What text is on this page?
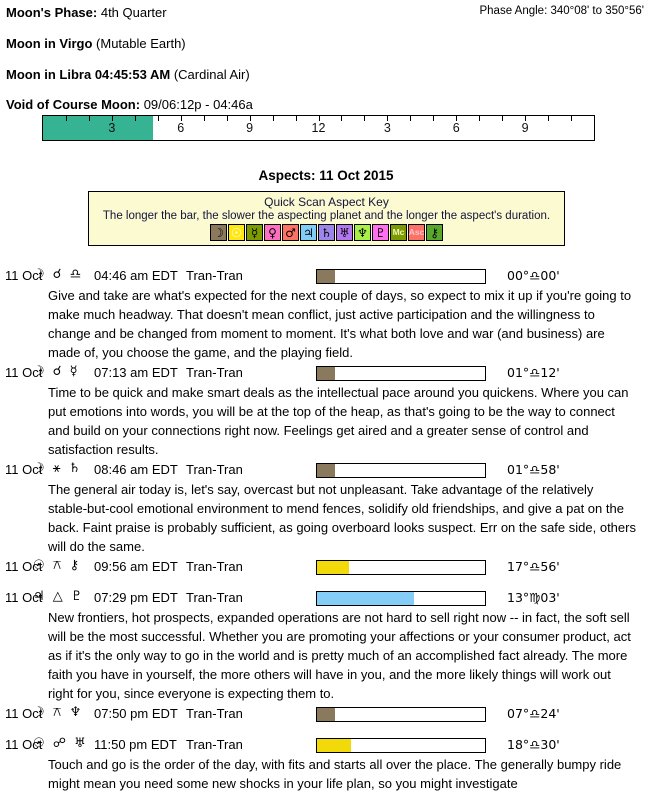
Moon's Phase: 4th Quarter	Phase Angle: 340°08' to 350°56'
Moon in Virgo (Mutable Earth)
Moon in Libra 04:45:53 AM (Cardinal Air)
Void of Course Moon: 09/06:12p - 04:46a
3	6	9	12	3	6	9
Aspects: 11 Oct 2015
Quick Scan Aspect Key
The longer the bar, the slower the aspecting planet and the longer the aspect's duration.
☽ ☉ ☿ ♀ ♂ ♃ ♄ ♅ ♆ ♇ Mc Asc ⚷
11 Oct
☽ ☌ ♎ 04:46 am EDT Tran-Tran	00°♎00'

Give and take are what's expected for the next couple of days, so expect to mix it up if you're going to make much headway. That doesn't mean conflict, just active participation and the willingness to change and be changed from moment to moment. It's what both love and war (and business) are made of, you choose the game, and the playing field.

11 Oct
☽ ☌ ☿ 07:13 am EDT Tran-Tran	01°♎12'

Time to be quick and make smart deals as the intellectual pace around you quickens. Where you can put emotions into words, you will be at the top of the heap, as that's going to be the way to connect and build on your connections right now. Feelings get aired and a greater sense of control and satisfaction results.

11 Oct
☽ ⚹ ♄ 08:46 am EDT Tran-Tran	01°♎58'

The general air today is, let's say, overcast but not unpleasant. Take advantage of the relatively stable-but-cool emotional environment to mend fences, solidify old friendships, and give a pat on the back. Faint praise is probably sufficient, as going overboard looks suspect. Err on the safe side, others will do the same.

11 Oct
☉ ⚻ ⚷ 09:56 am EDT Tran-Tran	17°♎56'
11 Oct
♃ △ ♇ 07:29 pm EDT Tran-Tran	13°♍03'

New frontiers, hot prospects, expanded operations are not hard to sell right now -- in fact, the soft sell will be the most successful. Whether you are promoting your affections or your consumer product, act as if it's the only way to go in the world and is pretty much of an accomplished fact already. The more faith you have in yourself, the more others will have in you, and the more likely things will work out right for you, since everyone is expecting them to.

11 Oct
☽ ⚻ ♆ 07:50 pm EDT Tran-Tran	07°♎24'
11 Oct
☉ ☍ ♅ 11:50 pm EDT Tran-Tran	18°♎30'

Touch and go is the order of the day, with fits and starts all over the place. The generally bumpy ride might mean you need some new shocks in your life plan, so you might investigate
